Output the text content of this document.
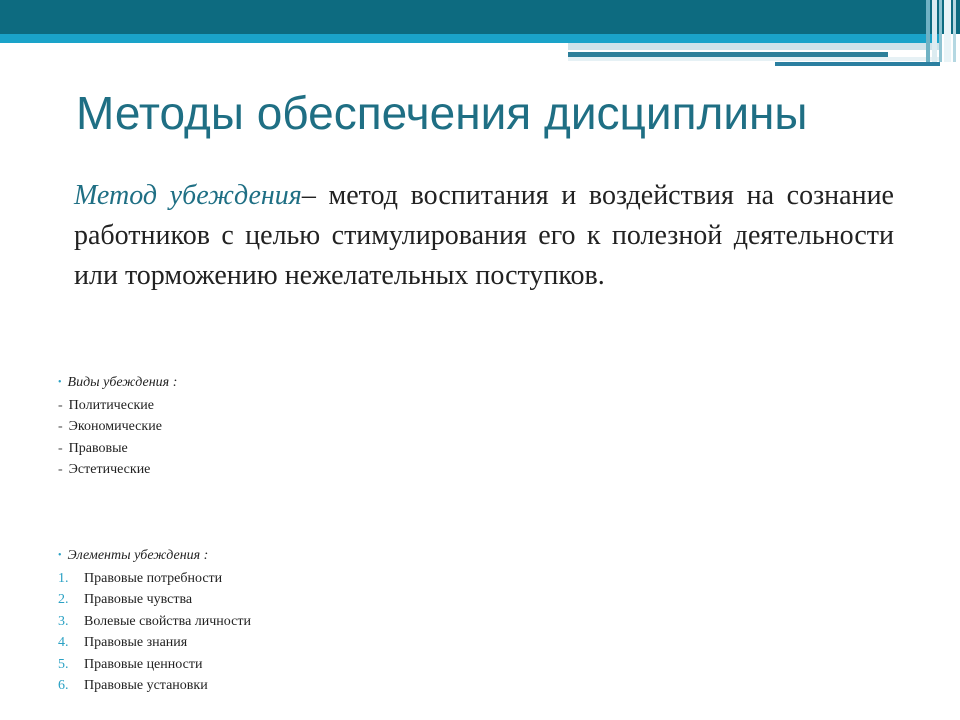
Методы обеспечения дисциплины
Метод убеждения– метод воспитания и воздействия на сознание работников с целью стимулирования его к полезной деятельности или торможению нежелательных поступков.
• Виды убеждения :
- Политические
- Экономические
- Правовые
- Эстетические
• Элементы убеждения :
1. Правовые потребности
2. Правовые чувства
3. Волевые свойства личности
4. Правовые знания
5. Правовые ценности
6. Правовые установки
